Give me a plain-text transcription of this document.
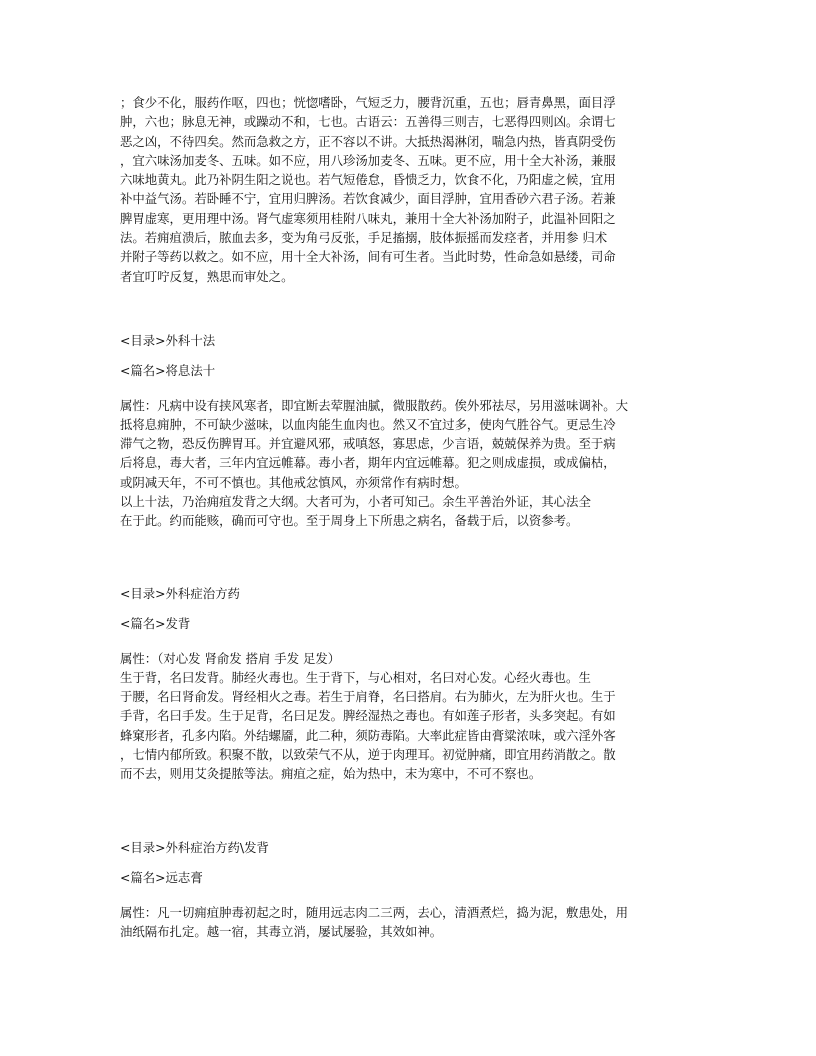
；食少不化，服药作呕，四也；恍惚嗜卧，气短乏力，腰背沉重，五也；唇青鼻黑，面目浮
肿，六也；脉息无神，或躁动不和，七也。古语云：五善得三则吉，七恶得四则凶。余谓七
恶之凶，不待四矣。然而急救之方，正不容以不讲。大抵热渴淋闭，喘急内热，皆真阴受伤
，宜六味汤加麦冬、五味。如不应，用八珍汤加麦冬、五味。更不应，用十全大补汤，兼服
六味地黄丸。此乃补阴生阳之说也。若气短倦怠，昏愦乏力，饮食不化，乃阳虚之候，宜用
补中益气汤。若卧睡不宁，宜用归脾汤。若饮食减少，面目浮肿，宜用香砂六君子汤。若兼
脾胃虚寒，更用理中汤。肾气虚寒须用桂附八味丸，兼用十全大补汤加附子，此温补回阳之
法。若痈疽溃后，脓血去多，变为角弓反张，手足搐搦，肢体振摇而发痉者，并用参 归术
并附子等药以救之。如不应，用十全大补汤，间有可生者。当此时势，性命急如悬缕，司命
者宜叮咛反复，熟思而审处之。

<目录>外科十法

<篇名>将息法十

属性：凡病中设有挟风寒者，即宜断去荤腥油腻，微服散药。俟外邪祛尽，另用滋味调补。大
抵将息痈肿，不可缺少滋味，以血肉能生血肉也。然又不宜过多，使肉气胜谷气。更忌生冷
滞气之物，恐反伤脾胃耳。并宜避风邪，戒嗔怒，寡思虑，少言语，兢兢保养为贵。至于病
后将息，毒大者，三年内宜远帷幕。毒小者，期年内宜远帷幕。犯之则成虚损，或成偏枯，
或阴减天年，不可不慎也。其他戒忿慎风，亦须常作有病时想。
以上十法，乃治痈疽发背之大纲。大者可为，小者可知己。余生平善治外证，其心法全
在于此。约而能赅，确而可守也。至于周身上下所患之病名，备载于后，以资参考。

<目录>外科症治方药

<篇名>发背

属性：（对心发 肾俞发 搭肩 手发 足发）
生于背，名曰发背。肺经火毒也。生于背下，与心相对，名曰对心发。心经火毒也。生
于腰，名曰肾俞发。肾经相火之毒。若生于肩脊，名曰搭肩。右为肺火，左为肝火也。生于
手背，名曰手发。生于足背，名曰足发。脾经湿热之毒也。有如莲子形者，头多突起。有如
蜂窠形者，孔多内陷。外结螺靥，此二种，须防毒陷。大率此症皆由膏粱浓味，或六淫外客
，七情内郁所致。积聚不散，以致荣气不从，逆于肉理耳。初觉肿痛，即宜用药消散之。散
而不去，则用艾灸提脓等法。痈疽之症，始为热中，末为寒中，不可不察也。

<目录>外科症治方药\发背

<篇名>远志膏

属性：凡一切痈疽肿毒初起之时，随用远志肉二三两，去心，清酒煮烂，捣为泥，敷患处，用
油纸隔布扎定。越一宿，其毒立消，屡试屡验，其效如神。
